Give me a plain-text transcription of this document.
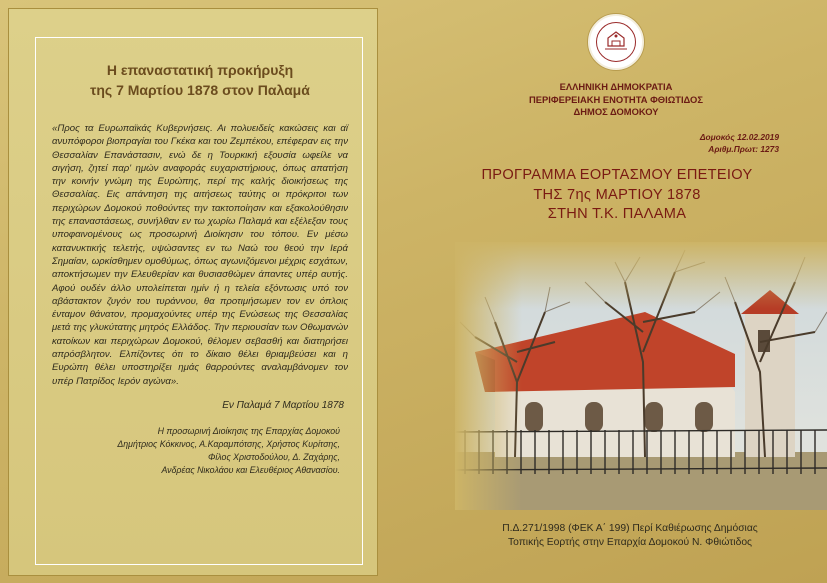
Η επαναστατική προκήρυξη
της 7 Μαρτίου 1878 στον Παλαμά

«Προς τα Ευρωπαϊκάς Κυβερνήσεις. Αι πολυειδείς κακώσεις και αϊ ανυπόφοροι βιοπραγίαι του Γκέκα και του Ζεμπέκου, επέφεραν εις την Θεσσαλίαν Επανάστασιν, ενώ δε η Τουρκική εξουσία ωφείλε να σιγήση, ζητεί παρ' ημών αναφοράς ευχαριστήριους, όπως απατήση την κοινήν γνώμη της Ευρώπης, περί της καλής διοικήσεως της Θεσσαλίας. Εις απάντηση της αιτήσεως ταύτης οι πρόκριτοι των περιχώρων Δομοκού ποθούντες την τακτοποίησιν και εξακολούθησιν της επαναστάσεως, συνήλθαν εν τω χωρίω Παλαμά και εξέλεξαν τους υποφαινομένους ως προσωρινή Διοίκησιν του τόπου. Εν μέσω κατανυκτικής τελετής, υψώσαντες εν τω Ναώ του θεού την Ιερά Σημαίαν, ωρκίσθημεν ομοθύμως, όπως αγωνιζόμενοι μέχρις εσχάτων, αποκτήσωμεν την Ελευθερίαν και θυσιασθώμεν άπαντες υπέρ αυτής. Αφού ουδέν άλλο υπολείπεται ημίν ή η τελεία εξόντωσις υπό τον αβάστακτον ζυγόν του τυράννου, θα προτιμήσωμεν τον εν όπλοις ένταμον θάνατον, προμαχούντες υπέρ της Ενώσεως της Θεσσαλίας μετά της γλυκύτατης μητρός Ελλάδος. Την περιουσίαν των Οθωμανών κατοίκων και περιχώρων Δομοκού, θέλομεν σεβασθή και διατηρήσει απρόσβλητον. Ελπίζοντες ότι το δίκαιο θέλει θριαμβεύσει και η Ευρώπη θέλει υποστηρίξει ημάς θαρρούντες αναλαμβάνομεν τον υπέρ Πατρίδος Ιερόν αγώνα».

Εν Παλαμά 7 Μαρτίου 1878

Η προσωρινή Διοίκησις της Επαρχίας Δομοκού
Δημήτριος Κόκκινος, Α.Καραμπότσης, Χρήστος Κυρίτσης,
Φίλος Χριστοδούλου, Δ. Ζαχάρης,
Ανδρέας Νικολάου και Ελευθέριος Αθανασίου.
ΕΛΛΗΝΙΚΗ ΔΗΜΟΚΡΑΤΙΑ
ΠΕΡΙΦΕΡΕΙΑΚΗ ΕΝΟΤΗΤΑ ΦΘΙΩΤΙΔΟΣ
ΔΗΜΟΣ ΔΟΜΟΚΟΥ
Δομοκός 12.02.2019
Αριθμ.Πρωτ: 1273
ΠΡΟΓΡΑΜΜΑ ΕΟΡΤΑΣΜΟΥ ΕΠΕΤΕΙΟΥ
ΤΗΣ 7ης ΜΑΡΤΙΟΥ 1878
ΣΤΗΝ Τ.Κ. ΠΑΛΑΜΑ
Π.Δ.271/1998 (ΦΕΚ Α΄ 199) Περί Καθιέρωσης Δημόσιας
Τοπικής Εορτής στην Επαρχία Δομοκού Ν. Φθιώτιδος
